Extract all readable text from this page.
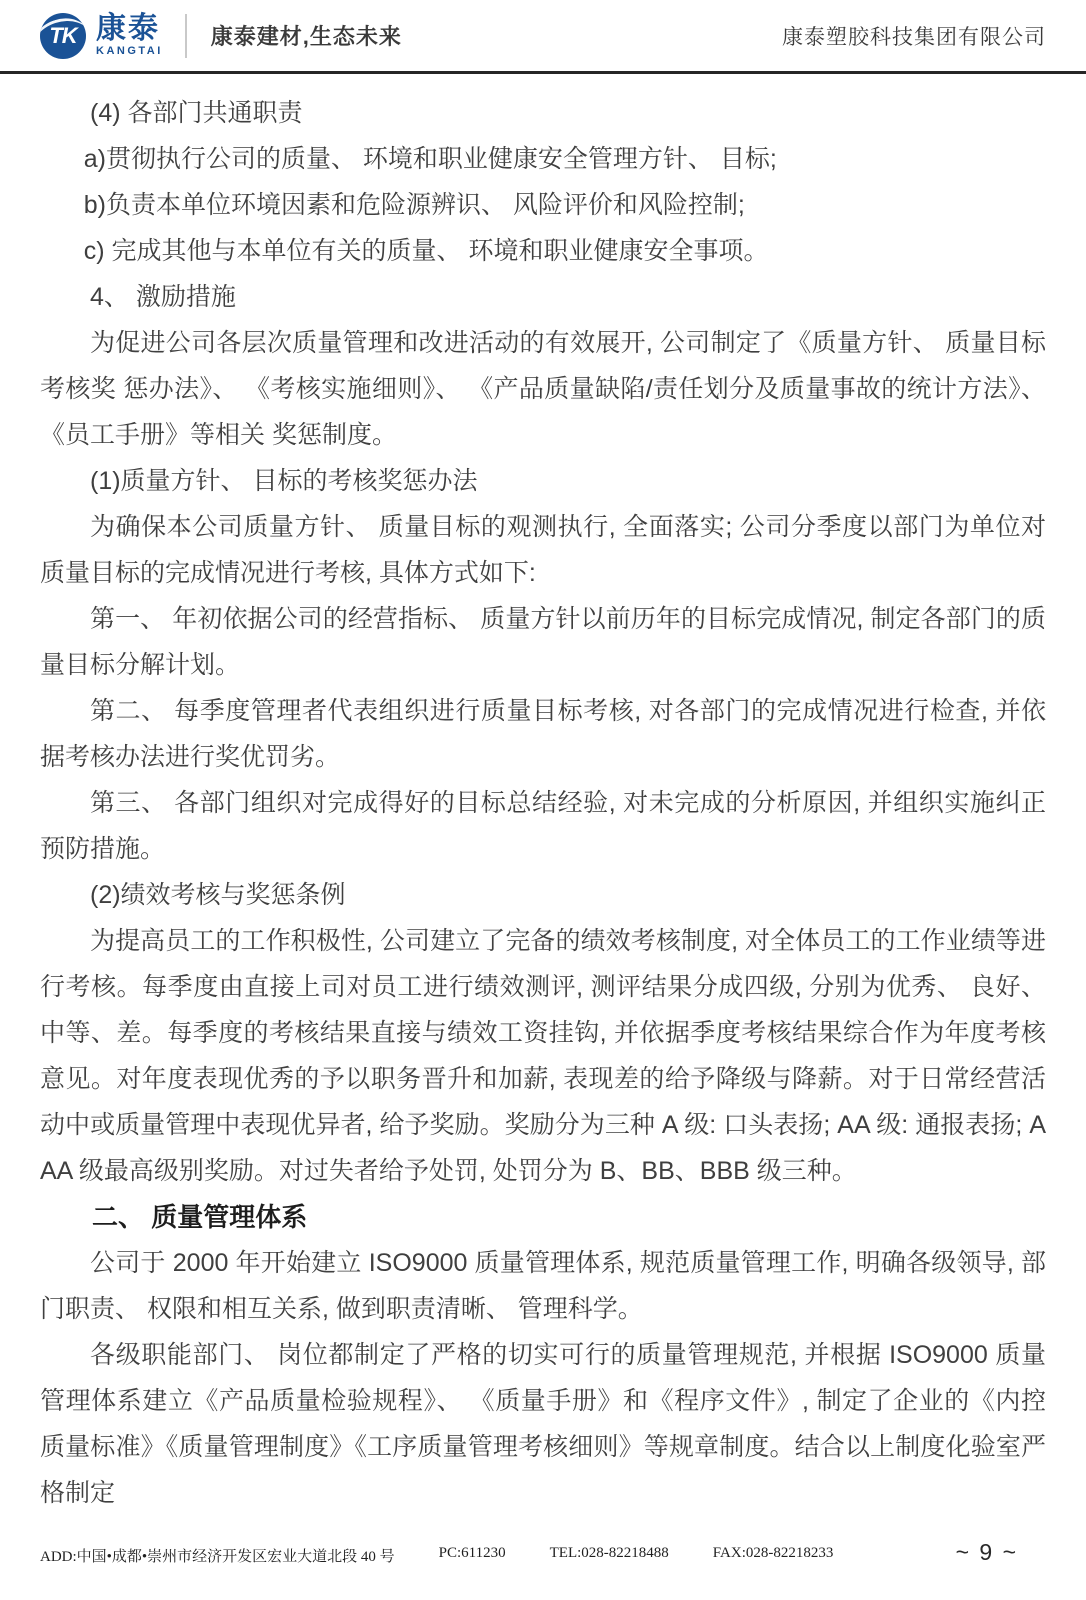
TK 康泰
KANGTAI
康泰建材,生态未来	康泰塑胶科技集团有限公司

(4) 各部门共通职责

a)贯彻执行公司的质量、 环境和职业健康安全管理方针、 目标;

b)负责本单位环境因素和危险源辨识、 风险评价和风险控制;

c) 完成其他与本单位有关的质量、 环境和职业健康安全事项。

4、 激励措施

为促进公司各层次质量管理和改进活动的有效展开, 公司制定了《质量方针、 质量目标考核奖 惩办法》、 《考核实施细则》、 《产品质量缺陷/责任划分及质量事故的统计方法》、 《员工手册》等相关 奖惩制度。

(1)质量方针、 目标的考核奖惩办法

为确保本公司质量方针、 质量目标的观测执行, 全面落实; 公司分季度以部门为单位对质量目标的完成情况进行考核, 具体方式如下:

第一、 年初依据公司的经营指标、 质量方针以前历年的目标完成情况, 制定各部门的质量目标分解计划。

第二、 每季度管理者代表组织进行质量目标考核, 对各部门的完成情况进行检查, 并依据考核办法进行奖优罚劣。

第三、 各部门组织对完成得好的目标总结经验, 对未完成的分析原因, 并组织实施纠正预防措施。

(2)绩效考核与奖惩条例

为提高员工的工作积极性, 公司建立了完备的绩效考核制度, 对全体员工的工作业绩等进行考核。每季度由直接上司对员工进行绩效测评, 测评结果分成四级, 分别为优秀、 良好、 中等、差。每季度的考核结果直接与绩效工资挂钩, 并依据季度考核结果综合作为年度考核意见。对年度表现优秀的予以职务晋升和加薪, 表现差的给予降级与降薪。对于日常经营活动中或质量管理中表现优异者, 给予奖励。奖励分为三种 A 级: 口头表扬; AA 级: 通报表扬; AAA 级最高级别奖励。对过失者给予处罚, 处罚分为 B、BB、BBB 级三种。

二、 质量管理体系

公司于 2000 年开始建立 ISO9000 质量管理体系, 规范质量管理工作, 明确各级领导, 部门职责、 权限和相互关系, 做到职责清晰、 管理科学。

各级职能部门、 岗位都制定了严格的切实可行的质量管理规范, 并根据 ISO9000 质量管理体系建立《产品质量检验规程》、 《质量手册》和《程序文件》, 制定了企业的《内控质量标准》《质量管理制度》《工序质量管理考核细则》等规章制度。结合以上制度化验室严格制定

ADD:中国•成都•崇州市经济开发区宏业大道北段 40 号	PC:611230	TEL:028-82218488	FAX:028-82218233	~ 9 ~
